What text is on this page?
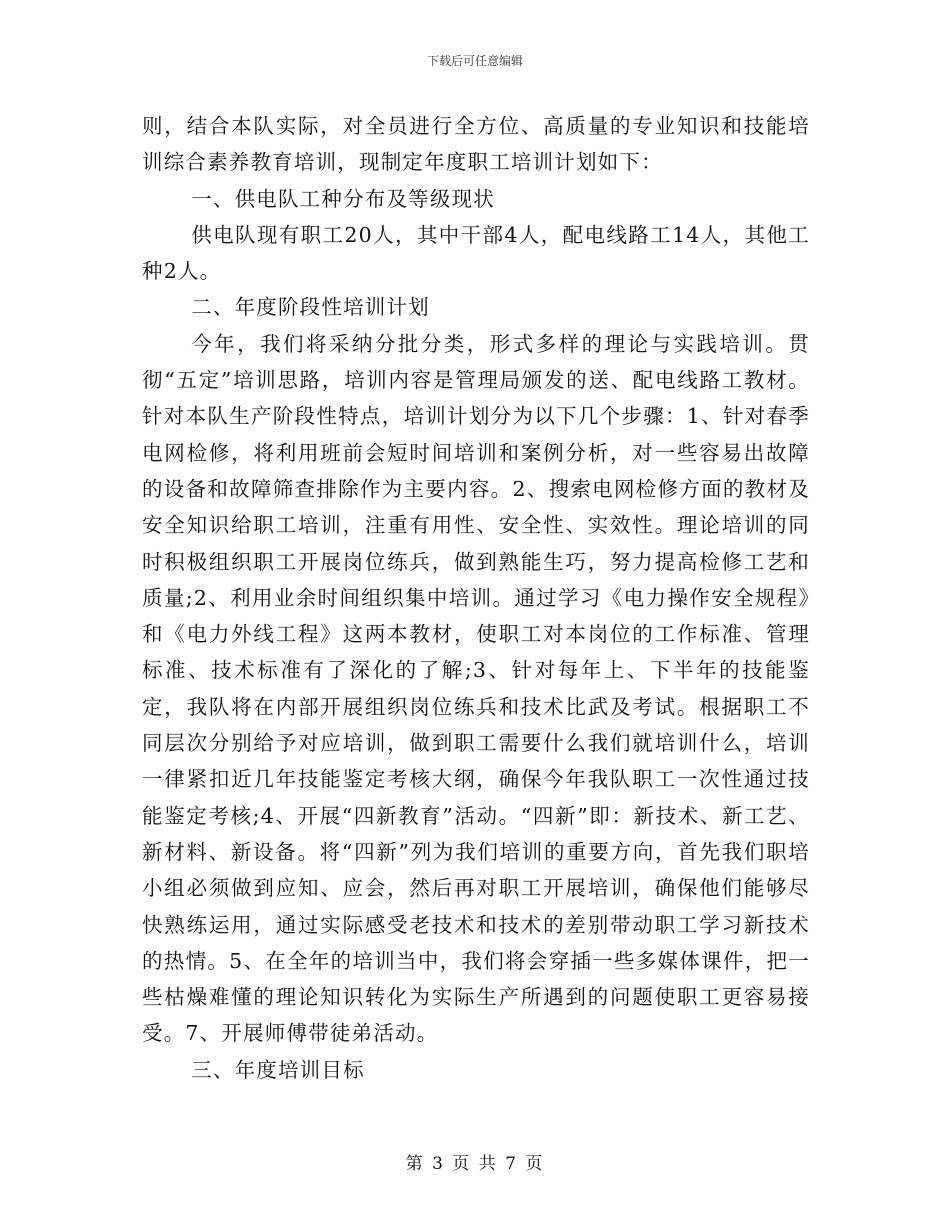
下载后可任意编辑

则，结合本队实际，对全员进行全方位、高质量的专业知识和技能培训综合素养教育培训，现制定年度职工培训计划如下：

一、供电队工种分布及等级现状

供电队现有职工20人，其中干部4人，配电线路工14人，其他工种2人。

二、年度阶段性培训计划

今年，我们将采纳分批分类，形式多样的理论与实践培训。贯彻“五定”培训思路，培训内容是管理局颁发的送、配电线路工教材。针对本队生产阶段性特点，培训计划分为以下几个步骤：1、针对春季电网检修，将利用班前会短时间培训和案例分析，对一些容易出故障的设备和故障筛查排除作为主要内容。2、搜索电网检修方面的教材及安全知识给职工培训，注重有用性、安全性、实效性。理论培训的同时积极组织职工开展岗位练兵，做到熟能生巧，努力提高检修工艺和质量;2、利用业余时间组织集中培训。通过学习《电力操作安全规程》和《电力外线工程》这两本教材，使职工对本岗位的工作标准、管理标准、技术标准有了深化的了解;3、针对每年上、下半年的技能鉴定，我队将在内部开展组织岗位练兵和技术比武及考试。根据职工不同层次分别给予对应培训，做到职工需要什么我们就培训什么，培训一律紧扣近几年技能鉴定考核大纲，确保今年我队职工一次性通过技能鉴定考核;4、开展“四新教育”活动。“四新”即：新技术、新工艺、新材料、新设备。将“四新”列为我们培训的重要方向，首先我们职培小组必须做到应知、应会，然后再对职工开展培训，确保他们能够尽快熟练运用，通过实际感受老技术和技术的差别带动职工学习新技术的热情。5、在全年的培训当中，我们将会穿插一些多媒体课件，把一些枯燥难懂的理论知识转化为实际生产所遇到的问题使职工更容易接受。7、开展师傅带徒弟活动。

三、年度培训目标

第 3 页 共 7 页
